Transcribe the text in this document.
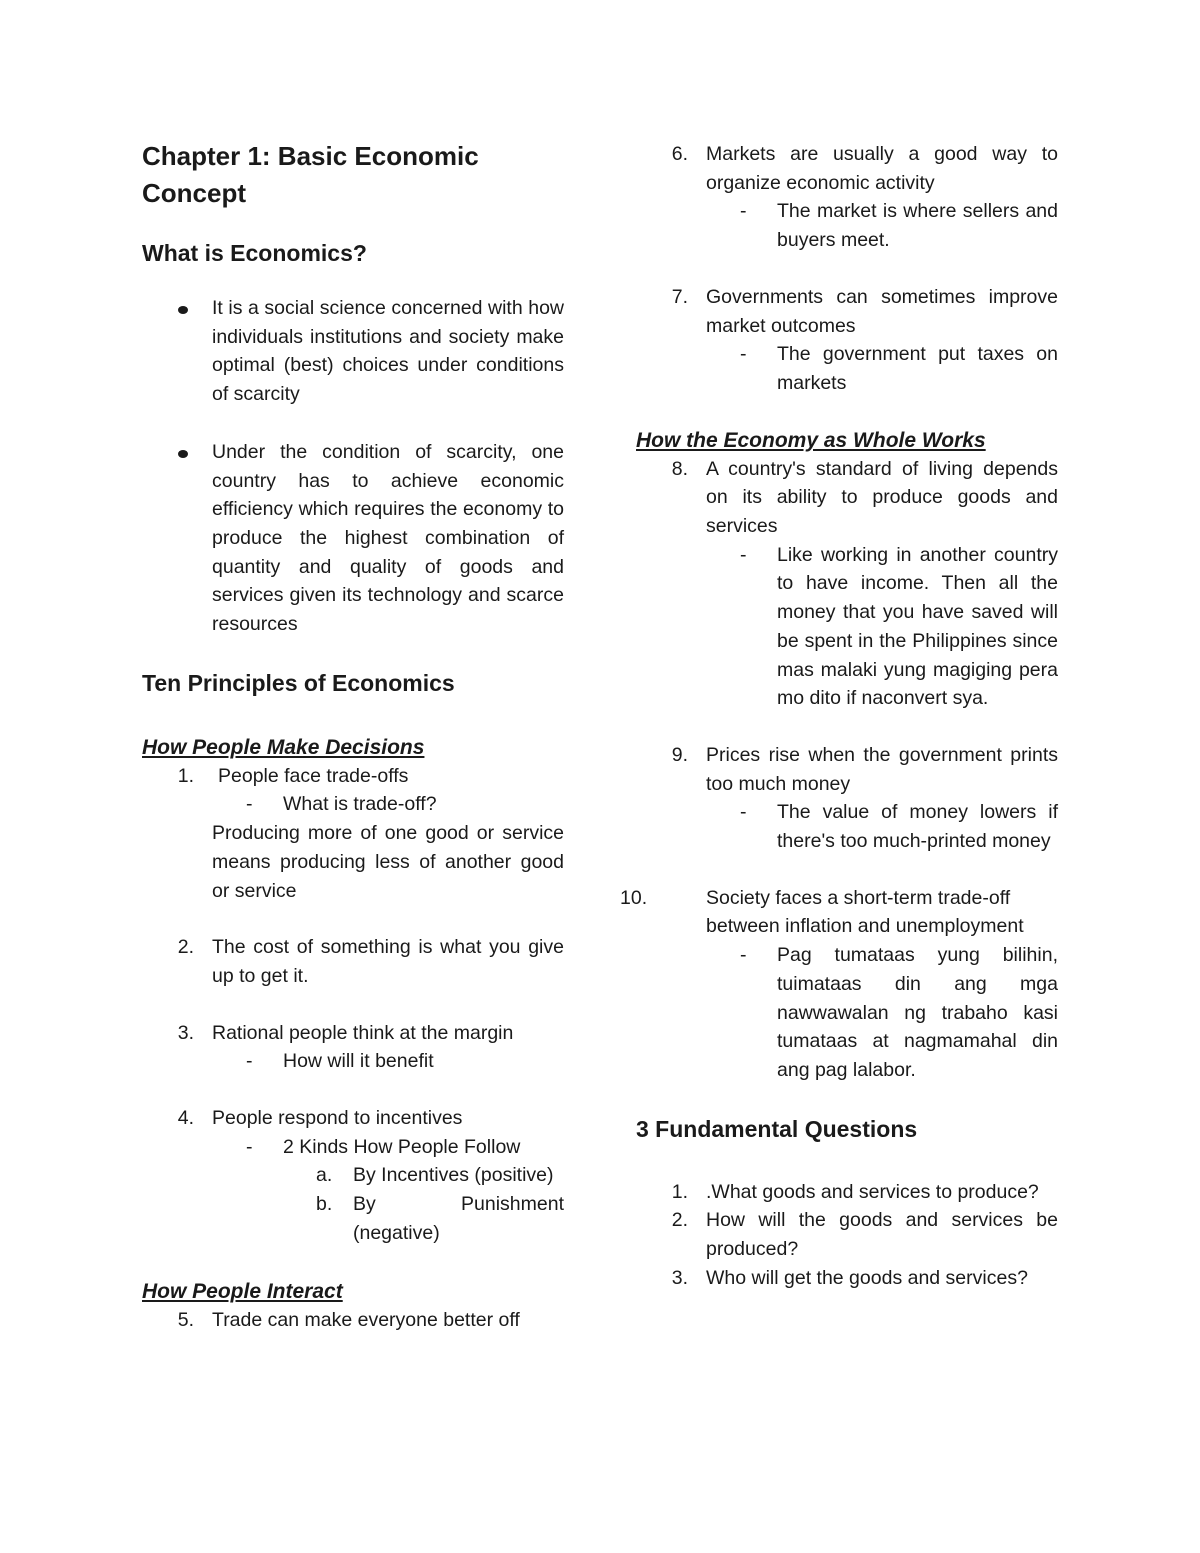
Chapter 1: Basic Economic Concept
What is Economics?
It is a social science concerned with how individuals institutions and society make optimal (best) choices under conditions of scarcity
Under the condition of scarcity, one country has to achieve economic efficiency which requires the economy to produce the highest combination of quantity and quality of goods and services given its technology and scarce resources
Ten Principles of Economics
How People Make Decisions
1. People face trade-offs
- What is trade-off?
Producing more of one good or service means producing less of another good or service
2. The cost of something is what you give up to get it.
3. Rational people think at the margin
- How will it benefit
4. People respond to incentives
- 2 Kinds How People Follow
a. By Incentives (positive)
b. By Punishment (negative)
How People Interact
5. Trade can make everyone better off
6. Markets are usually a good way to organize economic activity
- The market is where sellers and buyers meet.
7. Governments can sometimes improve market outcomes
- The government put taxes on markets
How the Economy as Whole Works
8. A country's standard of living depends on its ability to produce goods and services
- Like working in another country to have income. Then all the money that you have saved will be spent in the Philippines since mas malaki yung magiging pera mo dito if naconvert sya.
9. Prices rise when the government prints too much money
- The value of money lowers if there's too much-printed money
10.	Society faces a short-term trade-off between inflation and unemployment
- Pag tumataas yung bilihin, tuimataas din ang mga nawwawalan ng trabaho kasi tumataas at nagmamahal din ang pag lalabor.
3 Fundamental Questions
1. .What goods and services to produce?
2. How will the goods and services be produced?
3. Who will get the goods and services?
